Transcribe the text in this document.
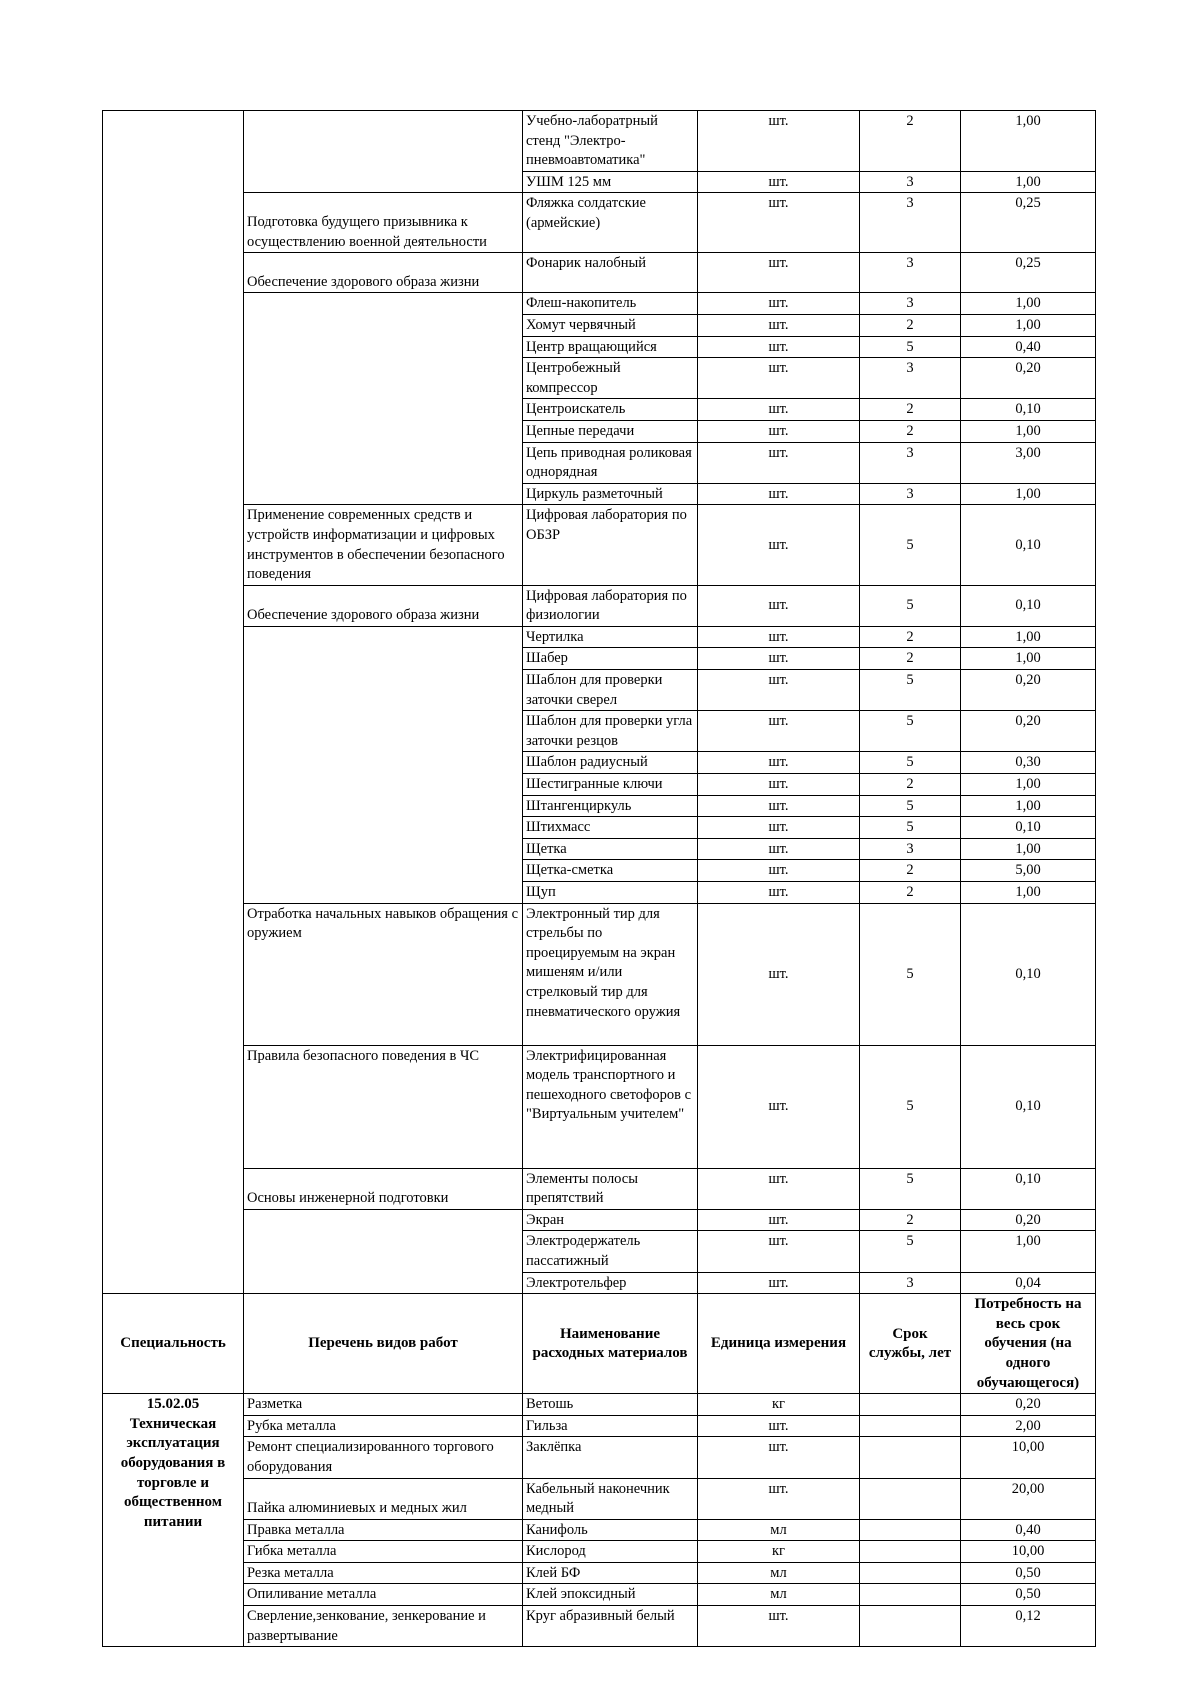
		Учебно-лаборатрный стенд "Электро-пневмоавтоматика"	шт.	2	1,00
		УШМ 125 мм	шт.	3	1,00
	Подготовка будущего призывника к осуществлению военной деятельности	Фляжка солдатские (армейские)	шт.	3	0,25
	Обеспечение здорового образа жизни	Фонарик налобный	шт.	3	0,25
		Флеш-накопитель	шт.	3	1,00
		Хомут червячный	шт.	2	1,00
		Центр вращающийся	шт.	5	0,40
		Центробежный компрессор	шт.	3	0,20
		Центроискатель	шт.	2	0,10
		Цепные передачи	шт.	2	1,00
		Цепь приводная роликовая однорядная	шт.	3	3,00
		Циркуль разметочный	шт.	3	1,00
	Применение современных средств и устройств информатизации и цифровых инструментов в обеспечении безопасного поведения	Цифровая лаборатория по ОБЗР	шт.	5	0,10
	Обеспечение здорового образа жизни	Цифровая лаборатория по физиологии	шт.	5	0,10
		Чертилка	шт.	2	1,00
		Шабер	шт.	2	1,00
		Шаблон для проверки заточки сверел	шт.	5	0,20
		Шаблон для проверки угла заточки резцов	шт.	5	0,20
		Шаблон радиусный	шт.	5	0,30
		Шестигранные ключи	шт.	2	1,00
		Штангенциркуль	шт.	5	1,00
		Штихмасс	шт.	5	0,10
		Щетка	шт.	3	1,00
		Щетка-сметка	шт.	2	5,00
		Щуп	шт.	2	1,00
	Отработка начальных навыков обращения с оружием	Электронный тир для стрельбы по проецируемым на экран мишеням и/или стрелковый тир для пневматического оружия	шт.	5	0,10
	Правила безопасного поведения в ЧС	Электрифицированная модель транспортного и пешеходного светофоров с "Виртуальным учителем"	шт.	5	0,10
	Основы инженерной подготовки	Элементы полосы препятствий	шт.	5	0,10
		Экран	шт.	2	0,20
		Электродержатель пассатижный	шт.	5	1,00
		Электротельфер	шт.	3	0,04
Специальность	Перечень видов работ	Наименование расходных материалов	Единица измерения	Срок службы, лет	Потребность на весь срок обучения (на одного обучающегося)
15.02.05 Техническая эксплуатация оборудования в торговле и общественном питании	Разметка	Ветошь	кг		0,20
	Рубка металла	Гильза	шт.		2,00
	Ремонт специализированного торгового оборудования	Заклёпка	шт.		10,00
	Пайка алюминиевых и медных жил	Кабельный наконечник медный	шт.		20,00
	Правка металла	Канифоль	мл		0,40
	Гибка металла	Кислород	кг		10,00
	Резка металла	Клей БФ	мл		0,50
	Опиливание металла	Клей эпоксидный	мл		0,50
	Сверление,зенкование, зенкерование и развертывание	Круг абразивный белый	шт.		0,12
